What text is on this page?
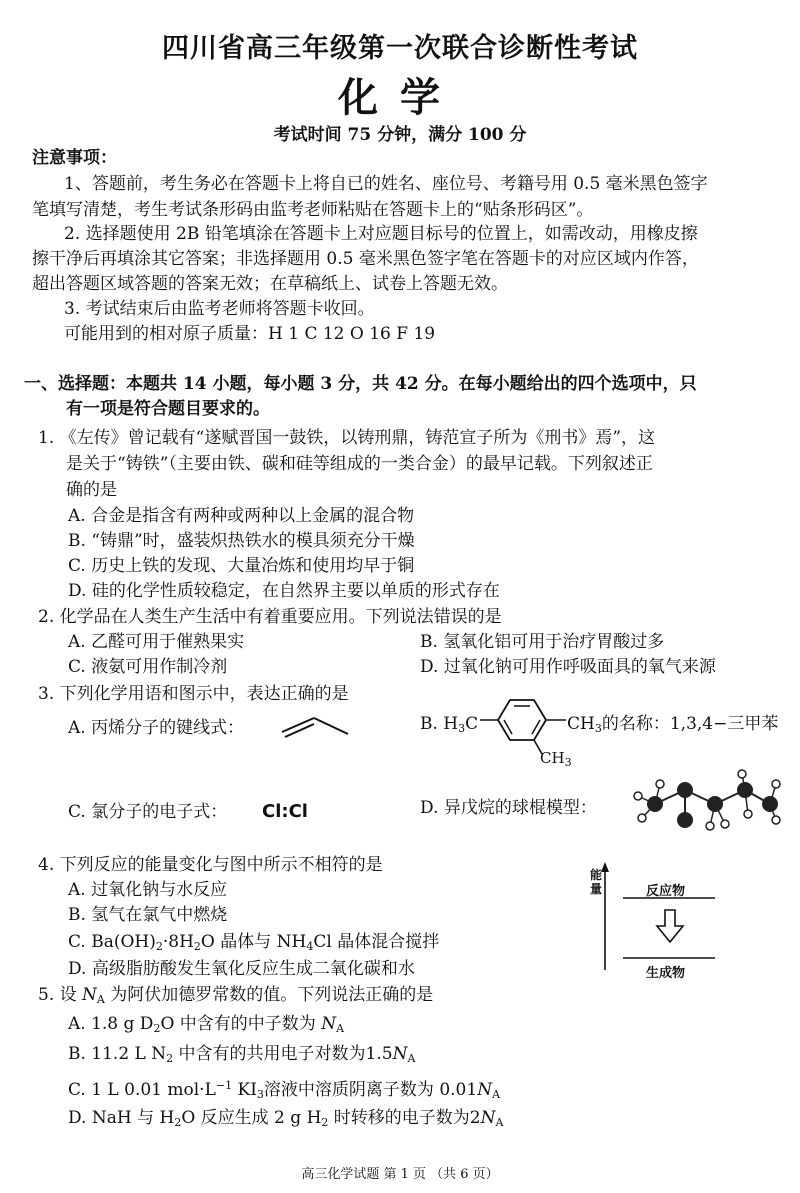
四川省高三年级第一次联合诊断性考试
化学
考试时间 75 分钟，满分 100 分
注意事项：
1、答题前，考生务必在答题卡上将自已的姓名、座位号、考籍号用 0.5 毫米黑色签字
笔填写清楚，考生考试条形码由监考老师粘贴在答题卡上的“贴条形码区”。
2. 选择题使用 2B 铅笔填涂在答题卡上对应题目标号的位置上，如需改动，用橡皮擦
擦干净后再填涂其它答案；非选择题用 0.5 毫米黑色签字笔在答题卡的对应区域内作答，
超出答题区域答题的答案无效；在草稿纸上、试卷上答题无效。
3. 考试结束后由监考老师将答题卡收回。
可能用到的相对原子质量：H 1 C 12 O 16 F 19
一、选择题：本题共 14 小题，每小题 3 分，共 42 分。在每小题给出的四个选项中，只
有一项是符合题目要求的。
1. 《左传》曾记载有“遂赋晋国一鼓铁，以铸刑鼎，铸范宣子所为《刑书》焉”，这
是关于“铸铁”（主要由铁、碳和硅等组成的一类合金）的最早记载。下列叙述正
确的是
A. 合金是指含有两种或两种以上金属的混合物
B. “铸鼎”时，盛装炽热铁水的模具须充分干燥
C. 历史上铁的发现、大量冶炼和使用均早于铜
D. 硅的化学性质较稳定，在自然界主要以单质的形式存在
2. 化学品在人类生产生活中有着重要应用。下列说法错误的是
A. 乙醛可用于催熟果实	B. 氢氧化铝可用于治疗胃酸过多
C. 液氨可用作制冷剂	D. 过氧化钠可用作呼吸面具的氧气来源
3. 下列化学用语和图示中，表达正确的是
A. 丙烯分子的键线式：	B. $H_3C$	$CH_3$的名称：1,3,4−三甲苯
$CH_3$
C. 氯分子的电子式： Cl:Cl	D. 异戊烷的球棍模型：
4. 下列反应的能量变化与图中所示不相符的是
A. 过氧化钠与水反应
B. 氢气在氯气中燃烧
C. $Ba(OH)_2\cdot 8H_2O$ 晶体与 $NH_4Cl$ 晶体混合搅拌
D. 高级脂肪酸发生氧化反应生成二氧化碳和水
能量	反应物
生成物
5. 设 $N_A$ 为阿伏加德罗常数的值。下列说法正确的是
A. 1.8 g $D_2O$ 中含有的中子数为 $N_A$
B. 11.2 L $N_2$ 中含有的共用电子对数为$1.5N_A$
C. 1 L 0.01 $mol\cdot L^{-1}$ $KI_3$溶液中溶质阴离子数为 $0.01N_A$
D. NaH 与 $H_2O$ 反应生成 2 g $H_2$ 时转移的电子数为$2N_A$
高三化学试题 第 1 页 （共 6 页）
